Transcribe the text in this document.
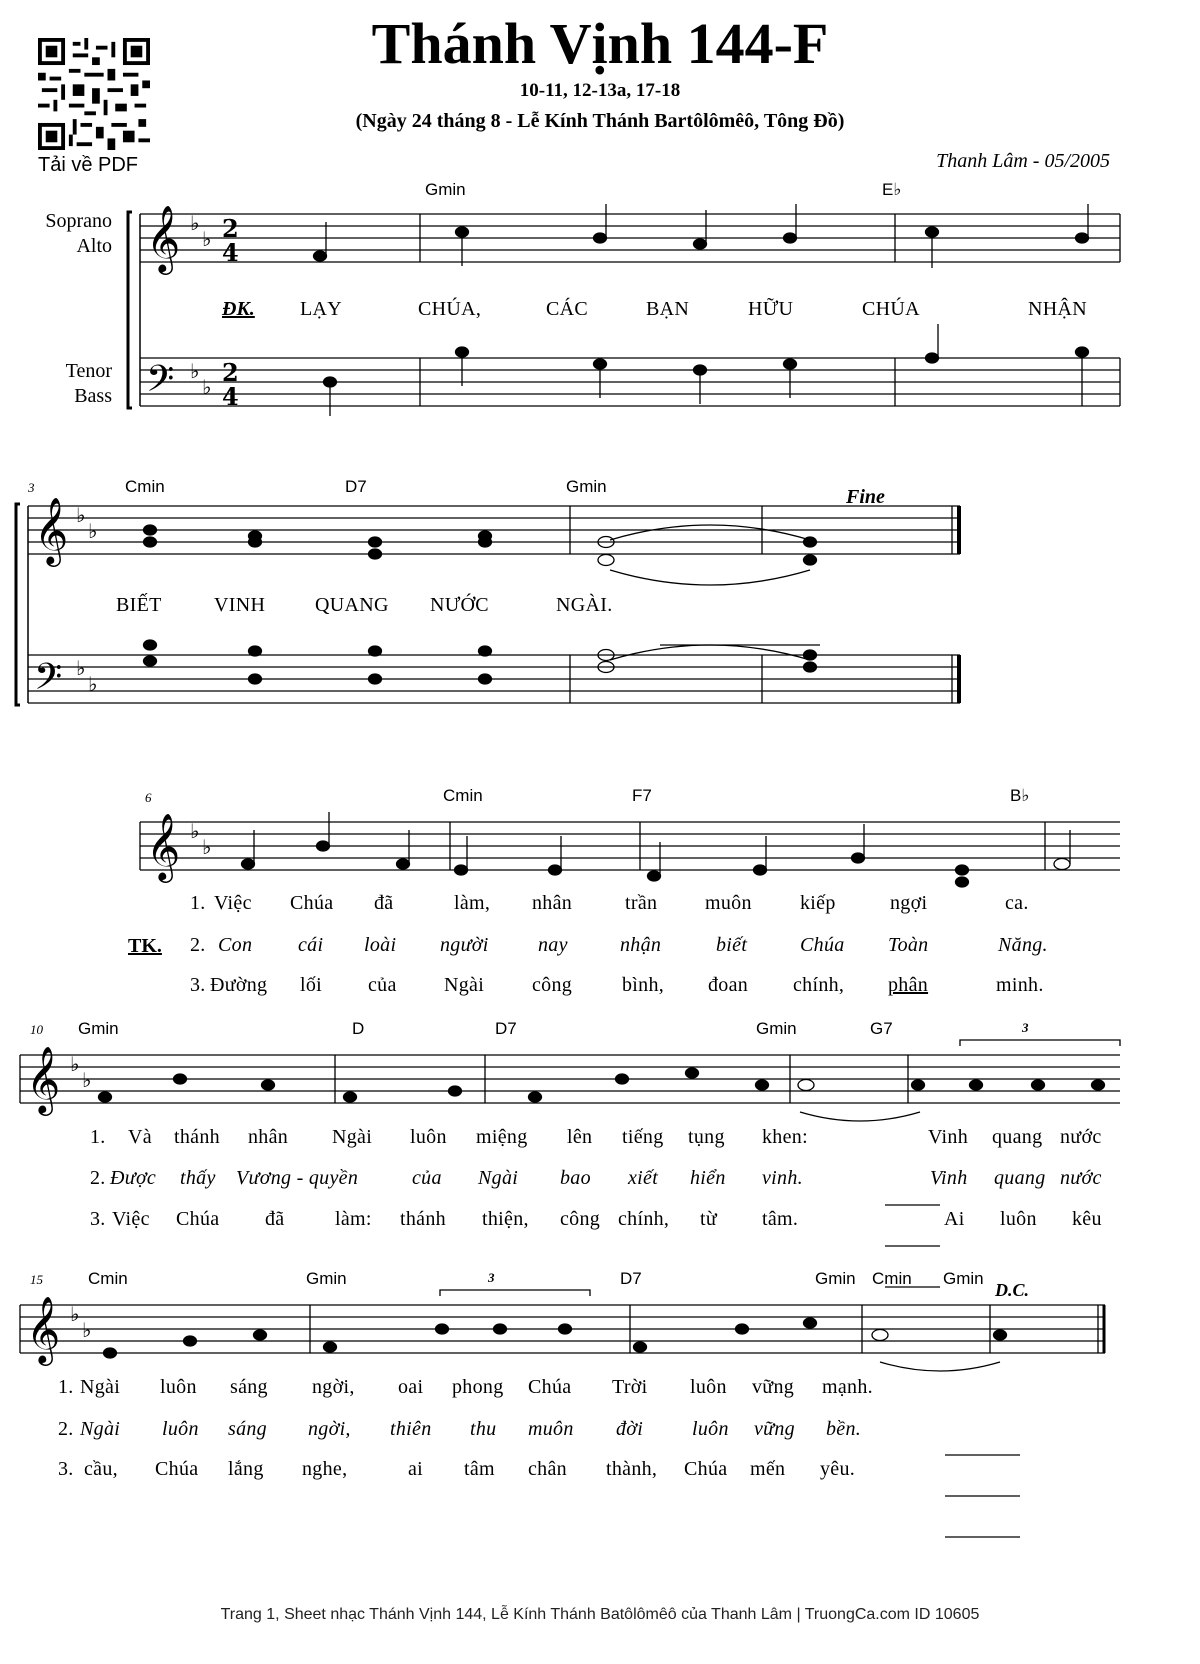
Tải về PDF
Thánh Vịnh 144-F
10-11, 12-13a, 17-18
(Ngày 24 tháng 8 - Lễ Kính Thánh Bartôlômêô, Tông Đồ)
Thanh Lâm - 05/2005
Soprano
Alto
Tenor
Bass
𝄞
𝄢
𝄞
𝄢
𝄞
𝄞
𝄞
♭
♭
♭
♭
♭
♭
♭
♭
♭
♭
♭
♭
♭
♭
2
4
2
4
Gmin	E♭
ĐK. LẠY	CHÚA,	CÁC	BẠN	HỮU	CHÚA	NHẬN
3	Cmin	D7	Gmin	Fine
BIẾT	VINH QUANG NƯỚC	NGÀI.
6	Cmin	F7	B♭
TK.
1. Việc Chúa đã	làm, nhân	trần muôn kiếp	ngợi	ca.
2. Con cái loài người nay	nhận	biết	Chúa Toàn	Năng.
3. Đường lối của Ngài công bình, đoan chính, phân	minh.
10 Gmin	D	D7	Gmin	G7	3
1. Và thánh nhân Ngài luôn miệng lên tiếng tụng khen:	Vinh quang nước
2. Được thấy Vương - quyền	của Ngài bao xiết hiển vinh.	Vinh quang nước
3. Việc Chúa đã	làm: thánh thiện, công chính, từ tâm.	Ai luôn kêu
15	Cmin	Gmin	D7	Gmin Cmin Gmin
3
D.C.
1. Ngài luôn sáng ngời, oai phong Chúa Trời luôn vững mạnh.
2. Ngài luôn sáng ngời, thiên thu muôn đời luôn vững bền.
3. cầu, Chúa lắng nghe,	ai tâm chân thành, Chúa mến yêu.
Trang 1, Sheet nhạc Thánh Vịnh 144, Lễ Kính Thánh Batôlômêô của Thanh Lâm | TruongCa.com ID 10605
